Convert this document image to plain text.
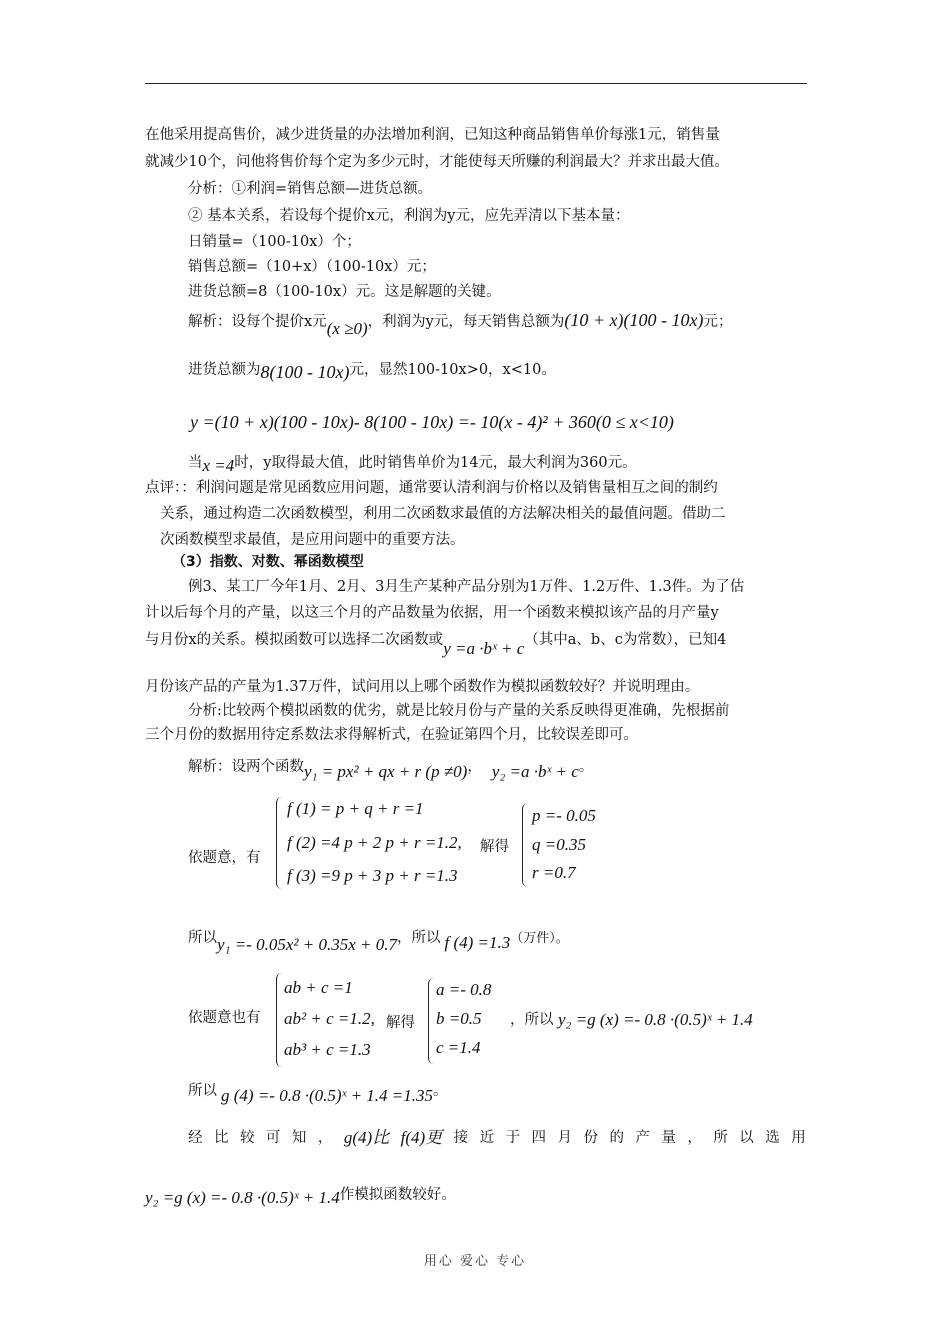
在他采用提高售价，减少进货量的办法增加利润，已知这种商品销售单价每涨1元，销售量
就减少10个，问他将售价每个定为多少元时，才能使每天所赚的利润最大？并求出最大值。
分析：①利润=销售总额—进货总额。
② 基本关系，若设每个提价x元，利润为y元，应先弄清以下基本量：
日销量=（100-10x）个；
销售总额=（10+x）（100-10x）元；
进货总额=8（100-10x）元。这是解题的关键。
解析：设每个提价x元(x ≥0)，利润为y元，每天销售总额为(10 + x)(100 - 10x)元；
进货总额为8(100 - 10x)元，显然100-10x>0，x<10。
y =(10 + x)(100 - 10x)- 8(100 - 10x) =- 10(x - 4)² + 360(0 ≤ x<10)
当x =4时，y取得最大值，此时销售单价为14元，最大利润为360元。
点评：：利润问题是常见函数应用问题，通常要认清利润与价格以及销售量相互之间的制约
关系，通过构造二次函数模型，利用二次函数求最值的方法解决相关的最值问题。借助二
次函数模型求最值，是应用问题中的重要方法。
（3）指数、对数、幂函数模型
例3、某工厂今年1月、2月、3月生产某种产品分别为1万件、1.2万件、1.3件。为了估
计以后每个月的产量，以这三个月的产品数量为依据，用一个函数来模拟该产品的月产量y
与月份x的关系。模拟函数可以选择二次函数或y =a ·bˣ + c（其中a、b、c为常数），已知4
月份该产品的产量为1.37万件，试问用以上哪个函数作为模拟函数较好？并说明理由。
分析:比较两个模拟函数的优劣，就是比较月份与产量的关系反映得更准确，先根据前
三个月份的数据用待定系数法求得解析式，在验证第四个月，比较误差即可。
解析：设两个函数y₁ = px² + qx + r (p ≠0)， y₂ =a ·bˣ + c。
依题意，有
f (1) = p + q + r =1
f (2) =4 p + 2 p + r =1.2, 解得
f (3) =9 p + 3 p + r =1.3
p =- 0.05
q =0.35
r =0.7
所以y₁ =- 0.05x² + 0.35x + 0.7，所以 f (4) =1.3（万件）。
依题意也有
ab + c =1
ab² + c =1.2, 解得
ab³ + c =1.3
a =- 0.8
b =0.5
c =1.4
，所以 y₂ =g (x) =- 0.8 ·(0.5)ˣ + 1.4
所以 g (4) =- 0.8 ·(0.5)ˣ + 1.4 =1.35。
经 比 较 可 知 ， g(4)比 f(4)更 接 近 于 四 月 份 的 产 量 ， 所 以 选 用
y₂ =g (x) =- 0.8 ·(0.5)ˣ + 1.4作模拟函数较好。
用心 爱心 专心
